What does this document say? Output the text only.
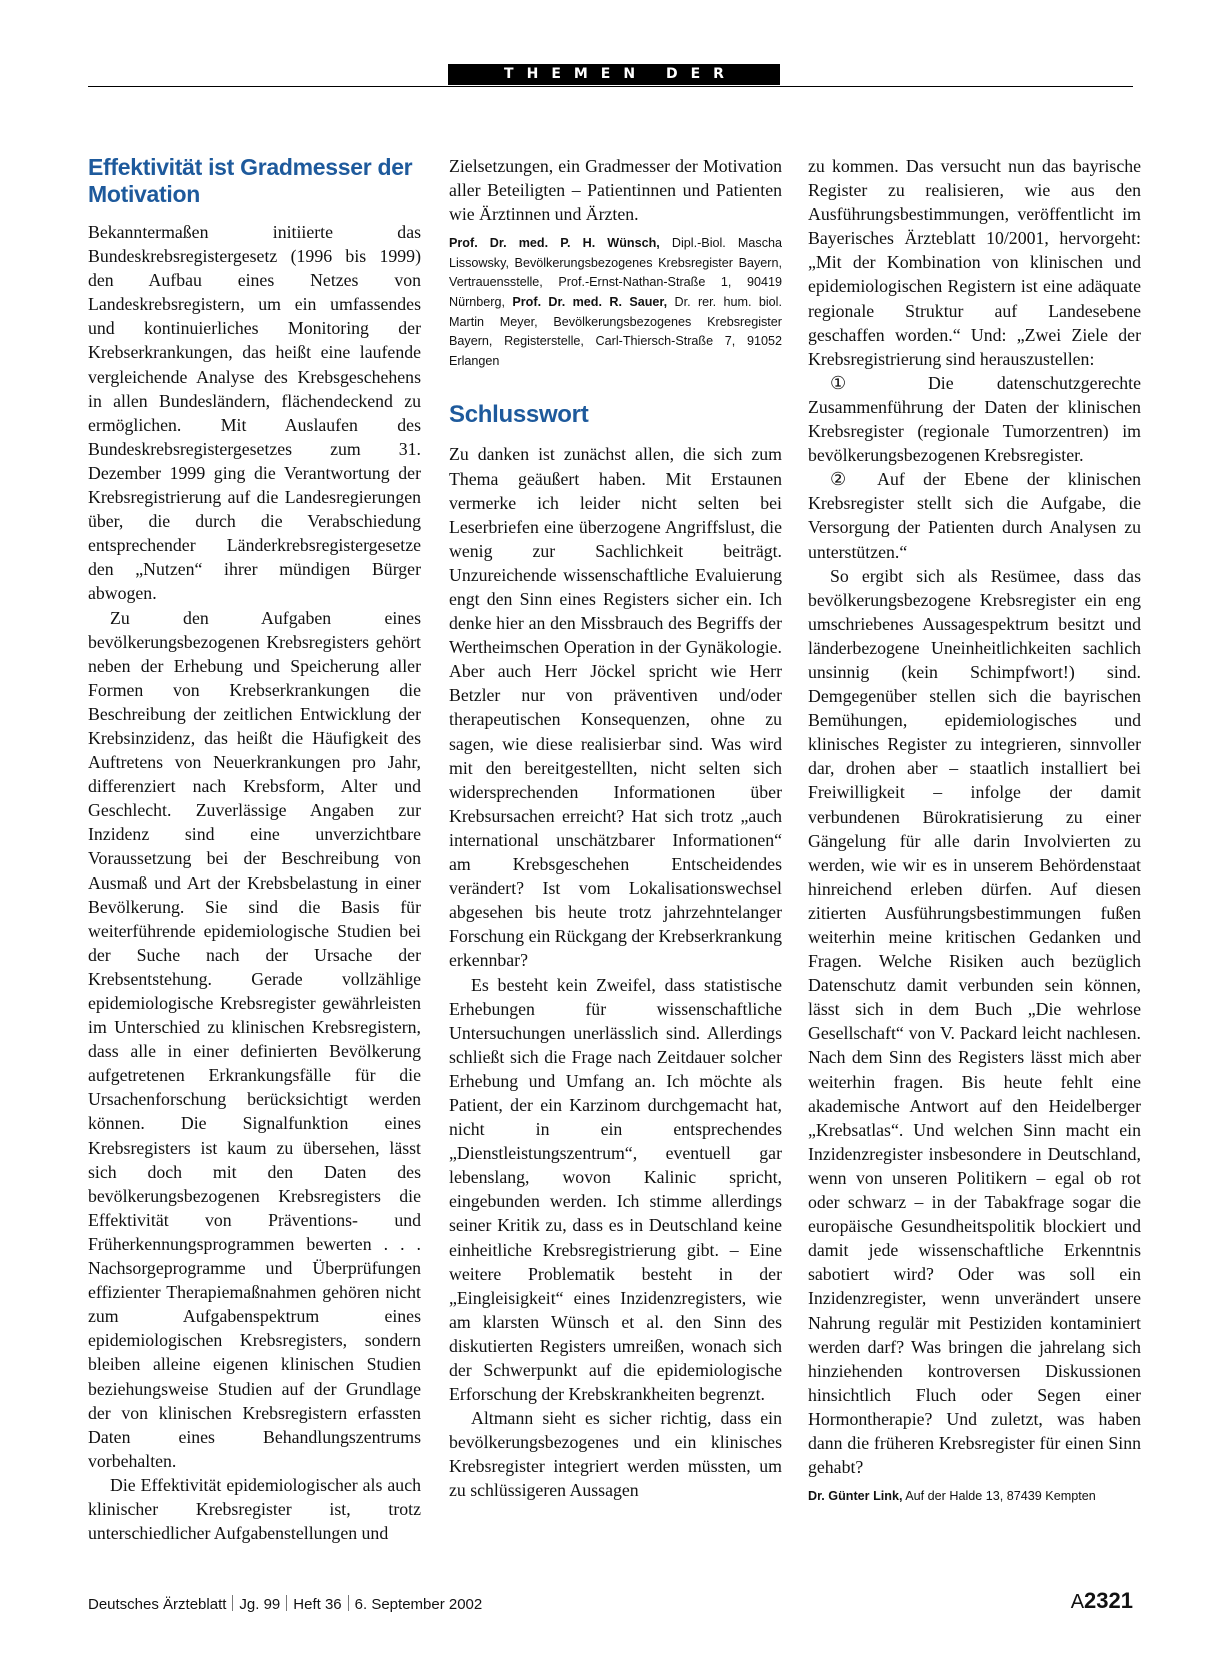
THEMEN DER ZEIT
Effektivität ist Gradmesser der Motivation

Bekanntermaßen initiierte das Bundeskrebsregistergesetz (1996 bis 1999) den Aufbau eines Netzes von Landeskrebsregistern, um ein umfassendes und kontinuierliches Monitoring der Krebserkrankungen, das heißt eine laufende vergleichende Analyse des Krebsgeschehens in allen Bundesländern, flächendeckend zu ermöglichen. Mit Auslaufen des Bundeskrebsregistergesetzes zum 31. Dezember 1999 ging die Verantwortung der Krebsregistrierung auf die Landesregierungen über, die durch die Verabschiedung entsprechender Länderkrebsregistergesetze den „Nutzen“ ihrer mündigen Bürger abwogen.

Zu den Aufgaben eines bevölkerungsbezogenen Krebsregisters gehört neben der Erhebung und Speicherung aller Formen von Krebserkrankungen die Beschreibung der zeitlichen Entwicklung der Krebsinzidenz, das heißt die Häufigkeit des Auftretens von Neuerkrankungen pro Jahr, differenziert nach Krebsform, Alter und Geschlecht. Zuverlässige Angaben zur Inzidenz sind eine unverzichtbare Voraussetzung bei der Beschreibung von Ausmaß und Art der Krebsbelastung in einer Bevölkerung. Sie sind die Basis für weiterführende epidemiologische Studien bei der Suche nach der Ursache der Krebsentstehung. Gerade vollzählige epidemiologische Krebsregister gewährleisten im Unterschied zu klinischen Krebsregistern, dass alle in einer definierten Bevölkerung aufgetretenen Erkrankungsfälle für die Ursachenforschung berücksichtigt werden können. Die Signalfunktion eines Krebsregisters ist kaum zu übersehen, lässt sich doch mit den Daten des bevölkerungsbezogenen Krebsregisters die Effektivität von Präventions- und Früherkennungsprogrammen bewerten . . . Nachsorgeprogramme und Überprüfungen effizienter Therapiemaßnahmen gehören nicht zum Aufgabenspektrum eines epidemiologischen Krebsregisters, sondern bleiben alleine eigenen klinischen Studien beziehungsweise Studien auf der Grundlage der von klinischen Krebsregistern erfassten Daten eines Behandlungszentrums vorbehalten.

Die Effektivität epidemiologischer als auch klinischer Krebsregister ist, trotz unterschiedlicher Aufgabenstellungen und

Zielsetzungen, ein Gradmesser der Motivation aller Beteiligten – Patientinnen und Patienten wie Ärztinnen und Ärzten.

Prof. Dr. med. P. H. Wünsch, Dipl.-Biol. Mascha Lissowsky, Bevölkerungsbezogenes Krebsregister Bayern, Vertrauensstelle, Prof.-Ernst-Nathan-Straße 1, 90419 Nürnberg, Prof. Dr. med. R. Sauer, Dr. rer. hum. biol. Martin Meyer, Bevölkerungsbezogenes Krebsregister Bayern, Registerstelle, Carl-Thiersch-Straße 7, 91052 Erlangen

Schlusswort

Zu danken ist zunächst allen, die sich zum Thema geäußert haben. Mit Erstaunen vermerke ich leider nicht selten bei Leserbriefen eine überzogene Angriffslust, die wenig zur Sachlichkeit beiträgt. Unzureichende wissenschaftliche Evaluierung engt den Sinn eines Registers sicher ein. Ich denke hier an den Missbrauch des Begriffs der Wertheimschen Operation in der Gynäkologie. Aber auch Herr Jöckel spricht wie Herr Betzler nur von präventiven und/oder therapeutischen Konsequenzen, ohne zu sagen, wie diese realisierbar sind. Was wird mit den bereitgestellten, nicht selten sich widersprechenden Informationen über Krebsursachen erreicht? Hat sich trotz „auch international unschätzbarer Informationen“ am Krebsgeschehen Entscheidendes verändert? Ist vom Lokalisationswechsel abgesehen bis heute trotz jahrzehntelanger Forschung ein Rückgang der Krebserkrankung erkennbar?

Es besteht kein Zweifel, dass statistische Erhebungen für wissenschaftliche Untersuchungen unerlässlich sind. Allerdings schließt sich die Frage nach Zeitdauer solcher Erhebung und Umfang an. Ich möchte als Patient, der ein Karzinom durchgemacht hat, nicht in ein entsprechendes „Dienstleistungszentrum“, eventuell gar lebenslang, wovon Kalinic spricht, eingebunden werden. Ich stimme allerdings seiner Kritik zu, dass es in Deutschland keine einheitliche Krebsregistrierung gibt. – Eine weitere Problematik besteht in der „Eingleisigkeit“ eines Inzidenzregisters, wie am klarsten Wünsch et al. den Sinn des diskutierten Registers umreißen, wonach sich der Schwerpunkt auf die epidemiologische Erforschung der Krebskrankheiten begrenzt.

Altmann sieht es sicher richtig, dass ein bevölkerungsbezogenes und ein klinisches Krebsregister integriert werden müssten, um zu schlüssigeren Aussagen

zu kommen. Das versucht nun das bayrische Register zu realisieren, wie aus den Ausführungsbestimmungen, veröffentlicht im Bayerisches Ärzteblatt 10/2001, hervorgeht: „Mit der Kombination von klinischen und epidemiologischen Registern ist eine adäquate regionale Struktur auf Landesebene geschaffen worden.“ Und: „Zwei Ziele der Krebsregistrierung sind herauszustellen:

① Die datenschutzgerechte Zusammenführung der Daten der klinischen Krebsregister (regionale Tumorzentren) im bevölkerungsbezogenen Krebsregister.

② Auf der Ebene der klinischen Krebsregister stellt sich die Aufgabe, die Versorgung der Patienten durch Analysen zu unterstützen.“

So ergibt sich als Resümee, dass das bevölkerungsbezogene Krebsregister ein eng umschriebenes Aussagespektrum besitzt und länderbezogene Uneinheitlichkeiten sachlich unsinnig (kein Schimpfwort!) sind. Demgegenüber stellen sich die bayrischen Bemühungen, epidemiologisches und klinisches Register zu integrieren, sinnvoller dar, drohen aber – staatlich installiert bei Freiwilligkeit – infolge der damit verbundenen Bürokratisierung zu einer Gängelung für alle darin Involvierten zu werden, wie wir es in unserem Behördenstaat hinreichend erleben dürfen. Auf diesen zitierten Ausführungsbestimmungen fußen weiterhin meine kritischen Gedanken und Fragen. Welche Risiken auch bezüglich Datenschutz damit verbunden sein können, lässt sich in dem Buch „Die wehrlose Gesellschaft“ von V. Packard leicht nachlesen. Nach dem Sinn des Registers lässt mich aber weiterhin fragen. Bis heute fehlt eine akademische Antwort auf den Heidelberger „Krebsatlas“. Und welchen Sinn macht ein Inzidenzregister insbesondere in Deutschland, wenn von unseren Politikern – egal ob rot oder schwarz – in der Tabakfrage sogar die europäische Gesundheitspolitik blockiert und damit jede wissenschaftliche Erkenntnis sabotiert wird? Oder was soll ein Inzidenzregister, wenn unverändert unsere Nahrung regulär mit Pestiziden kontaminiert werden darf? Was bringen die jahrelang sich hinziehenden kontroversen Diskussionen hinsichtlich Fluch oder Segen einer Hormontherapie? Und zuletzt, was haben dann die früheren Krebsregister für einen Sinn gehabt?

Dr. Günter Link, Auf der Halde 13, 87439 Kempten

Deutsches Ärzteblatt Jg. 99 Heft 36 6. September 2002	A2321
